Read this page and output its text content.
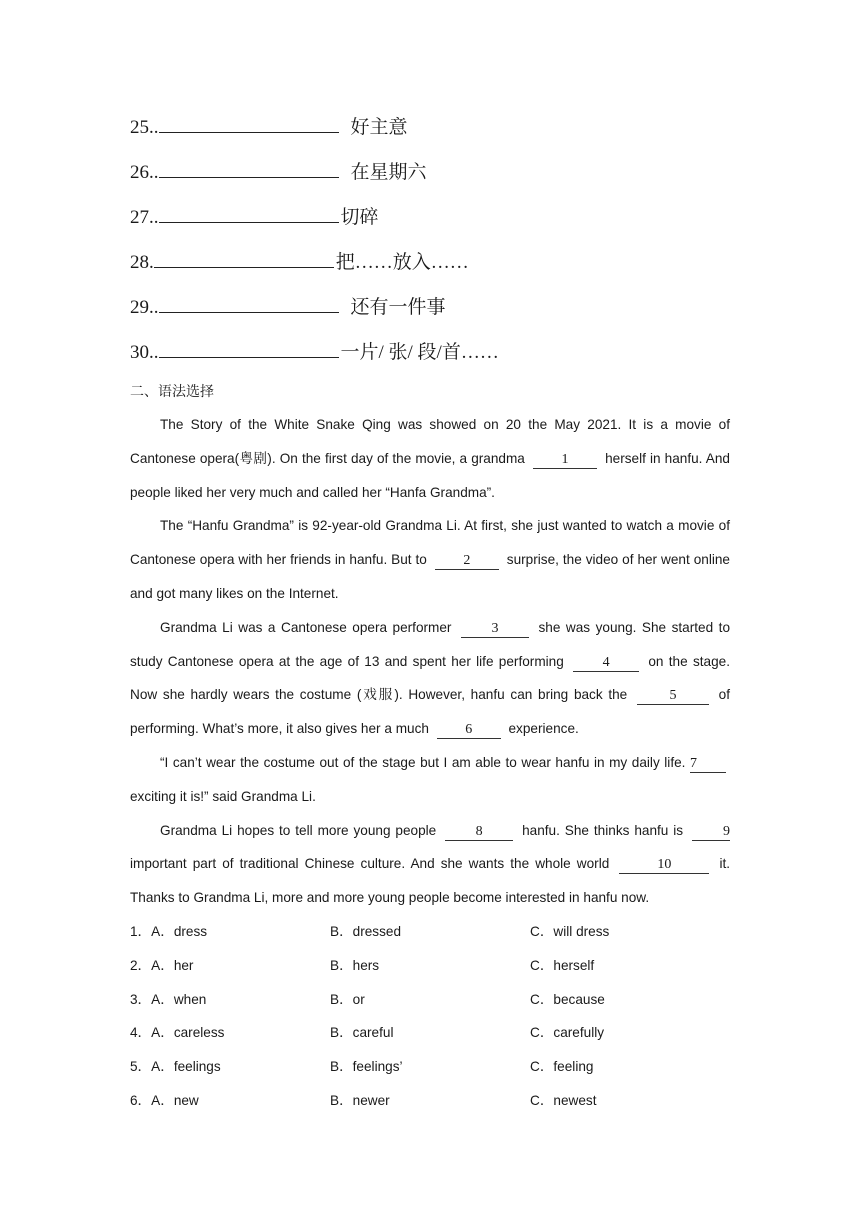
25..	好主意
26..	在星期六
27..	切碎
28.	把……放入……
29..	还有一件事
30..	一片/ 张/ 段/首……
二、语法选择

The Story of the White Snake Qing was showed on 20 the May 2021. It is a movie of Cantonese opera(粤剧). On the first day of the movie, a grandma	1	herself in hanfu. And people liked her very much and called her “Hanfa Grandma”.

The “Hanfu Grandma” is 92-year-old Grandma Li. At first, she just wanted to watch a movie of Cantonese opera with her friends in hanfu. But to	2	surprise, the video of her went online and got many likes on the Internet.

Grandma Li was a Cantonese opera performer	3	she was young. She started to study Cantonese opera at the age of 13 and spent her life performing	4	on the stage. Now she hardly wears the costume (戏服). However, hanfu can bring back the	5	of performing. What’s more, it also gives her a much	6	experience.

“I can’t wear the costume out of the stage but I am able to wear hanfu in my daily life. 7 exciting it is!” said Grandma Li.

Grandma Li hopes to tell more young people	8	hanfu. She thinks hanfu is	9 important part of traditional Chinese culture. And she wants the whole world	10	it. Thanks to Grandma Li, more and more young people become interested in hanfu now.

1．A．dress	B．dressed	C．will dress
2．A．her	B．hers	C．herself
3．A．when	B．or	C．because
4．A．careless	B．careful	C．carefully
5．A．feelings	B．feelings’	C．feeling
6．A．new	B．newer	C．newest
